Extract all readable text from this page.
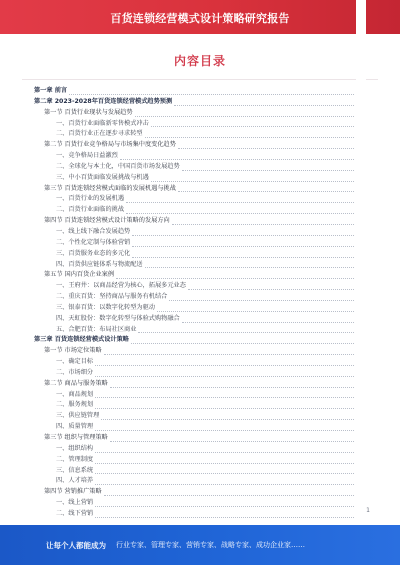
百货连锁经营模式设计策略研究报告
内容目录
第一章 前言
第二章 2023-2028年百货连锁经营模式趋势预测
第一节 百货行业现状与发展趋势
一、百货行业面临新零售模式冲击
二、百货行业正在逐步寻求转型
第二节 百货行业竞争格局与市场集中度变化趋势
一、竞争格局日益激烈
二、全球化与本土化，中国百货市场发展趋势
三、中小百货面临发展挑战与机遇
第三节 百货连锁经营模式面临的发展机遇与挑战
一、百货行业的发展机遇
二、百货行业面临的挑战
第四节 百货连锁经营模式设计策略的发展方向
一、线上线下融合发展趋势
二、个性化定制与体验营销
三、百货服务业态的多元化
四、百货供应链体系与物流配送
第五节 国内百货企业案例
一、王府井：以商品经营为核心，拓展多元业态
二、重庆百货：坚持商品与服务有机结合
三、银泰百货：以数字化转型为驱动
四、天虹股份：数字化转型与体验式购物融合
五、合肥百货：布局社区商业
第三章 百货连锁经营模式设计策略
第一节 市场定位策略
一、确定目标
二、市场细分
第二节 商品与服务策略
一、商品规划
二、服务规划
三、供应链管理
四、质量管理
第三节 组织与管理策略
一、组织结构
二、管理制度
三、信息系统
四、人才培养
第四节 营销推广策略
一、线上营销
二、线下营销	1
让每个人都能成为 行业专家、管理专家、营销专家、战略专家、成功企业家……
